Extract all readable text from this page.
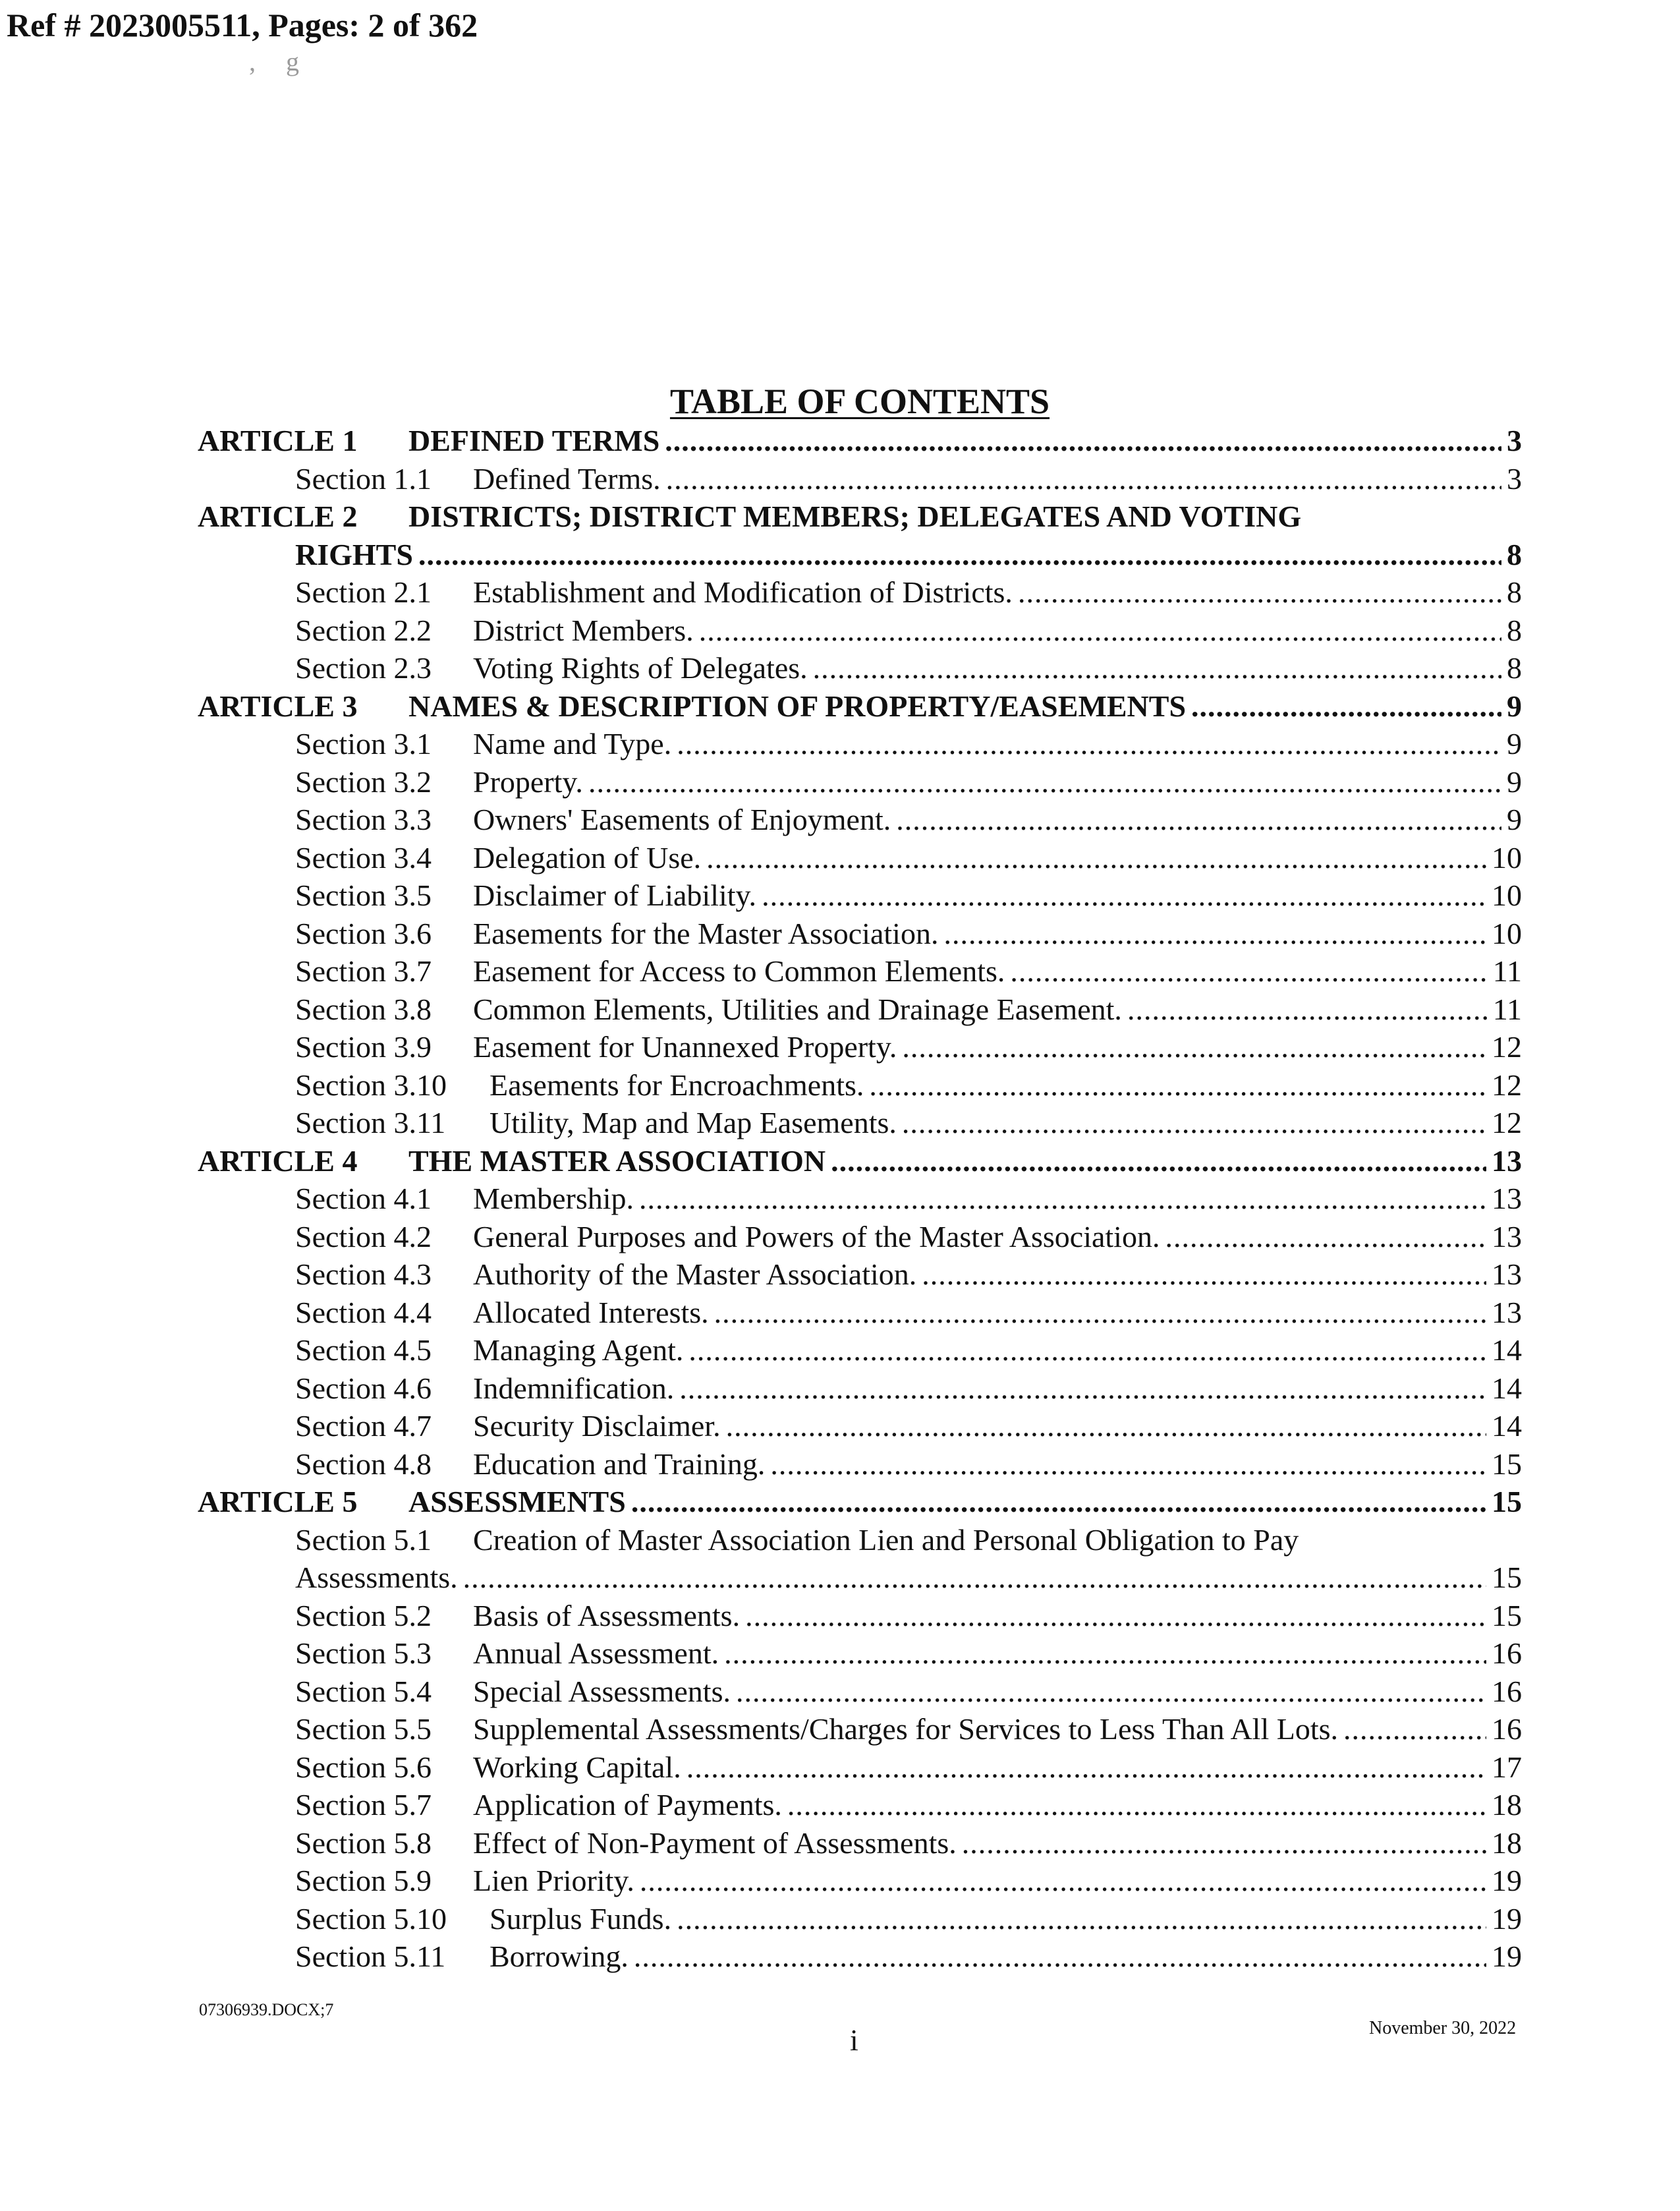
Ref # 2023005511, Pages: 2 of 362
, g
TABLE OF CONTENTS
ARTICLE 1	DEFINED TERMS .....	3
Section 1.1	Defined Terms. .....	3
ARTICLE 2	DISTRICTS; DISTRICT MEMBERS; DELEGATES AND VOTING
RIGHTS .....	8
Section 2.1	Establishment and Modification of Districts. .....	8
Section 2.2	District Members. .....	8
Section 2.3	Voting Rights of Delegates. .....	8
ARTICLE 3	NAMES & DESCRIPTION OF PROPERTY/EASEMENTS .....	9
Section 3.1	Name and Type. .....	9
Section 3.2	Property. .....	9
Section 3.3	Owners' Easements of Enjoyment. .....	9
Section 3.4	Delegation of Use. .....	10
Section 3.5	Disclaimer of Liability. .....	10
Section 3.6	Easements for the Master Association. .....	10
Section 3.7	Easement for Access to Common Elements. .....	11
Section 3.8	Common Elements, Utilities and Drainage Easement. .....	11
Section 3.9	Easement for Unannexed Property. .....	12
Section 3.10	Easements for Encroachments. .....	12
Section 3.11	Utility, Map and Map Easements. .....	12
ARTICLE 4	THE MASTER ASSOCIATION .....	13
Section 4.1	Membership. .....	13
Section 4.2	General Purposes and Powers of the Master Association. .....	13
Section 4.3	Authority of the Master Association. .....	13
Section 4.4	Allocated Interests. .....	13
Section 4.5	Managing Agent. .....	14
Section 4.6	Indemnification. .....	14
Section 4.7	Security Disclaimer. .....	14
Section 4.8	Education and Training. .....	15
ARTICLE 5	ASSESSMENTS .....	15
Section 5.1	Creation of Master Association Lien and Personal Obligation to Pay
Assessments. .....	15
Section 5.2	Basis of Assessments. .....	15
Section 5.3	Annual Assessment. .....	16
Section 5.4	Special Assessments. .....	16
Section 5.5	Supplemental Assessments/Charges for Services to Less Than All Lots. .....	16
Section 5.6	Working Capital. .....	17
Section 5.7	Application of Payments. .....	18
Section 5.8	Effect of Non-Payment of Assessments. .....	18
Section 5.9	Lien Priority. .....	19
Section 5.10	Surplus Funds. .....	19
Section 5.11	Borrowing. .....	19
07306939.DOCX;7
i	November 30, 2022
